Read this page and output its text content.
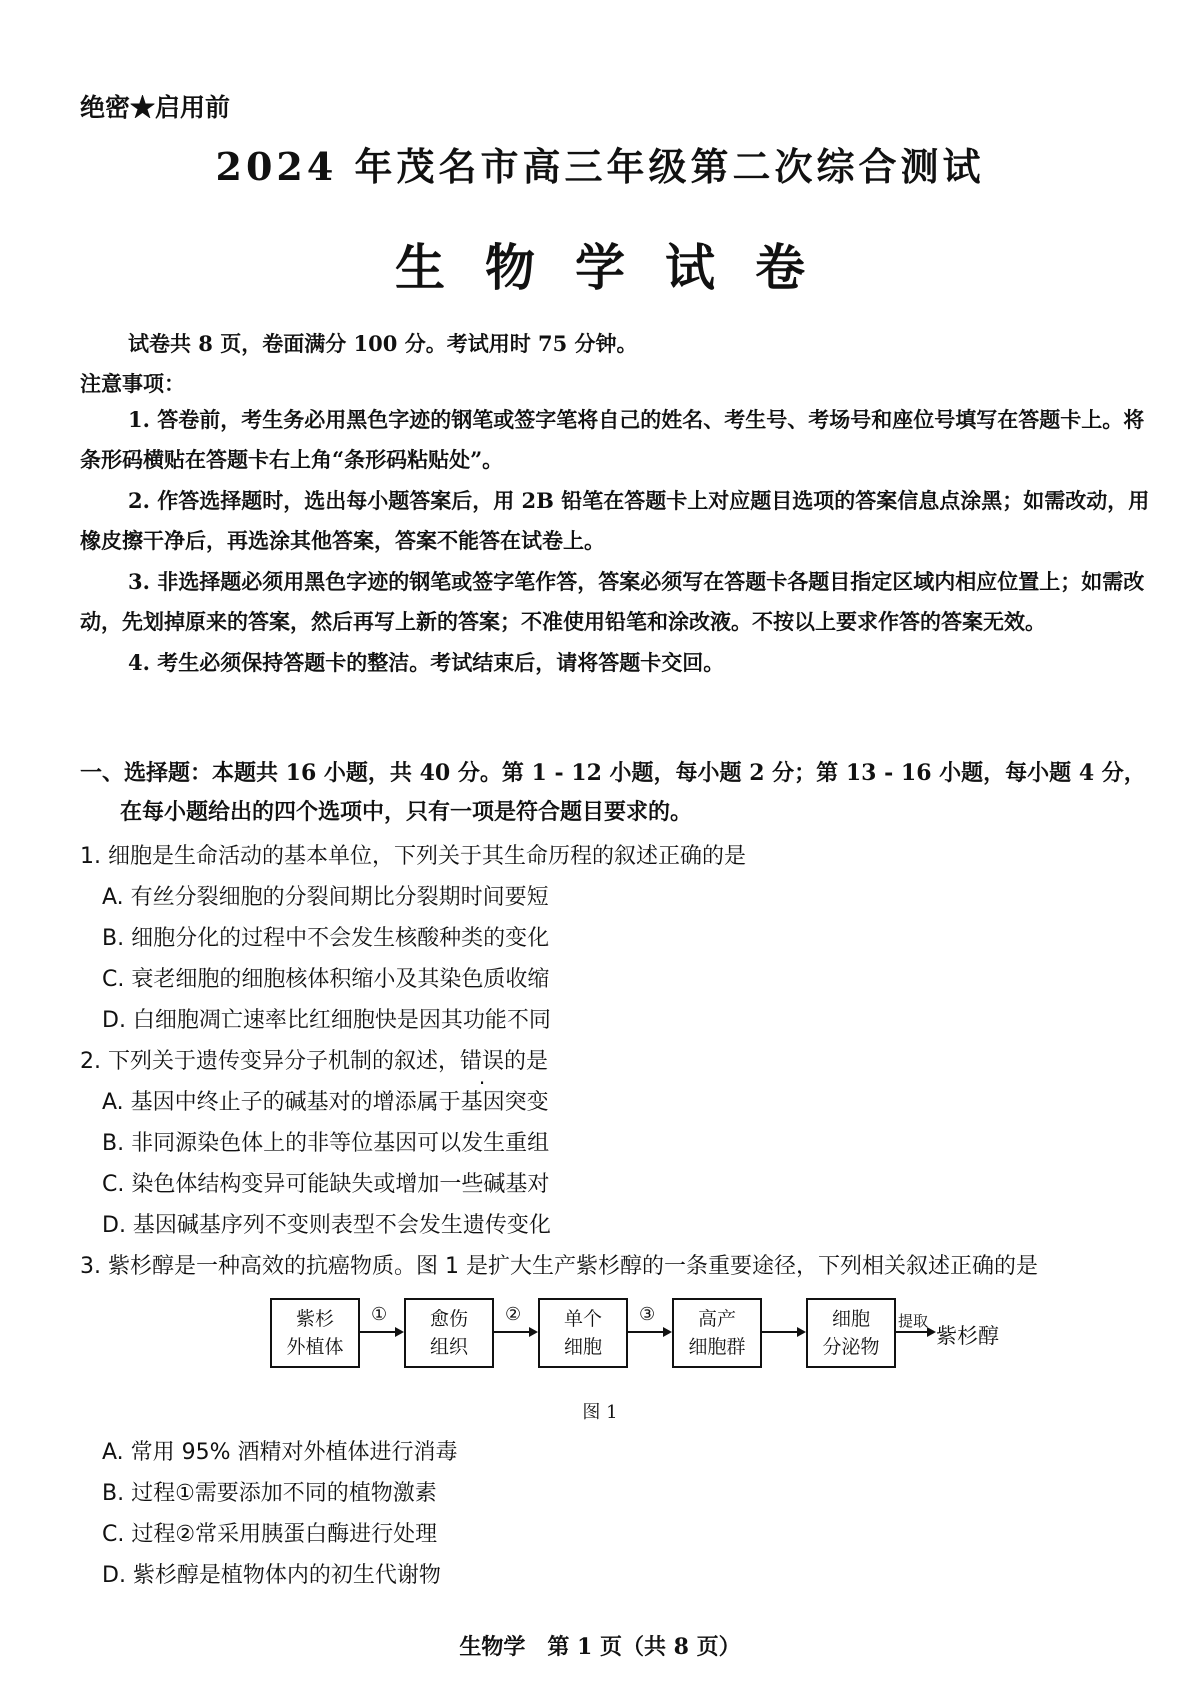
绝密★启用前
2024 年茂名市高三年级第二次综合测试
生物学试卷
试卷共 8 页，卷面满分 100 分。考试用时 75 分钟。
注意事项：

1. 答卷前，考生务必用黑色字迹的钢笔或签字笔将自己的姓名、考生号、考场号和座位号填写在答题卡上。将条形码横贴在答题卡右上角“条形码粘贴处”。

2. 作答选择题时，选出每小题答案后，用 2B 铅笔在答题卡上对应题目选项的答案信息点涂黑；如需改动，用橡皮擦干净后，再选涂其他答案，答案不能答在试卷上。

3. 非选择题必须用黑色字迹的钢笔或签字笔作答，答案必须写在答题卡各题目指定区域内相应位置上；如需改动，先划掉原来的答案，然后再写上新的答案；不准使用铅笔和涂改液。不按以上要求作答的答案无效。

4. 考生必须保持答题卡的整洁。考试结束后，请将答题卡交回。

一、选择题：本题共 16 小题，共 40 分。第 1 - 12 小题，每小题 2 分；第 13 - 16 小题，每小题 4 分，在每小题给出的四个选项中，只有一项是符合题目要求的。

1. 细胞是生命活动的基本单位，下列关于其生命历程的叙述正确的是

A. 有丝分裂细胞的分裂间期比分裂期时间要短

B. 细胞分化的过程中不会发生核酸种类的变化

C. 衰老细胞的细胞核体积缩小及其染色质收缩

D. 白细胞凋亡速率比红细胞快是因其功能不同

2. 下列关于遗传变异分子机制的叙述，错误的是

A. 基因中终止子的碱基对的增添属于基因突变

B. 非同源染色体上的非等位基因可以发生重组

C. 染色体结构变异可能缺失或增加一些碱基对

D. 基因碱基序列不变则表型不会发生遗传变化

3. 紫杉醇是一种高效的抗癌物质。图 1 是扩大生产紫杉醇的一条重要途径，下列相关叙述正确的是

紫杉
外植体
① 愈伤
组织
② 单个
细胞
③	高产
细胞群
细胞
分泌物
提取
紫杉醇
图 1

A. 常用 95% 酒精对外植体进行消毒

B. 过程①需要添加不同的植物激素

C. 过程②常采用胰蛋白酶进行处理

D. 紫杉醇是植物体内的初生代谢物

生物学　第 1 页（共 8 页）
